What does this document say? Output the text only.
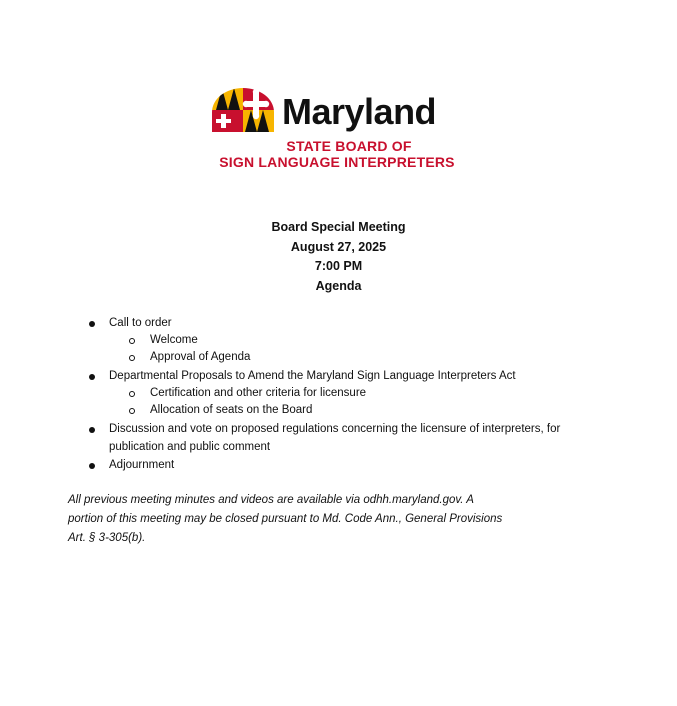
Maryland
STATE BOARD OF
SIGN LANGUAGE INTERPRETERS
Board Special Meeting
August 27, 2025
7:00 PM
Agenda
Call to order
Welcome
Approval of Agenda
Departmental Proposals to Amend the Maryland Sign Language Interpreters Act
Certification and other criteria for licensure
Allocation of seats on the Board
Discussion and vote on proposed regulations concerning the licensure of interpreters, for
publication and public comment
Adjournment
All previous meeting minutes and videos are available via odhh.maryland.gov. A
portion of this meeting may be closed pursuant to Md. Code Ann., General Provisions
Art. § 3-305(b).
